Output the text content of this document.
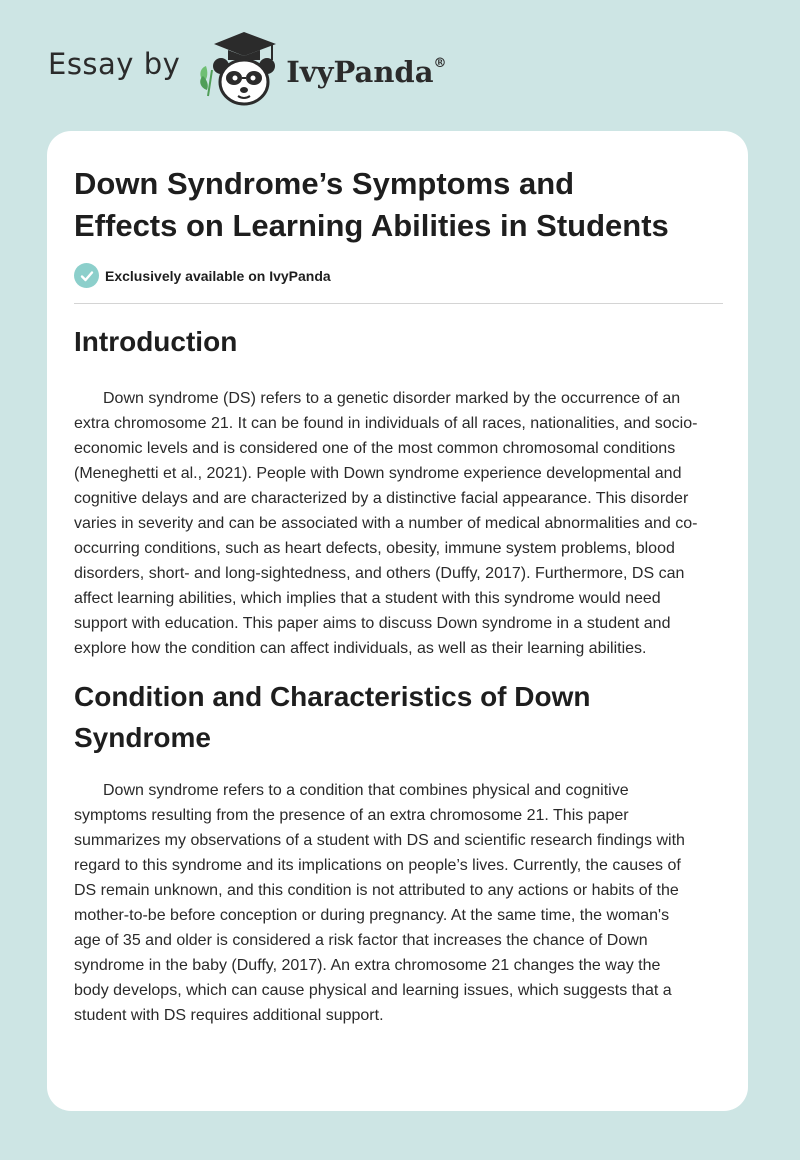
Essay by	IvyPanda®
Down Syndrome’s Symptoms and
Effects on Learning Abilities in Students
Exclusively available on IvyPanda
Introduction

Down syndrome (DS) refers to a genetic disorder marked by the occurrence of an
extra chromosome 21. It can be found in individuals of all races, nationalities, and socio-
economic levels and is considered one of the most common chromosomal conditions
(Meneghetti et al., 2021). People with Down syndrome experience developmental and
cognitive delays and are characterized by a distinctive facial appearance. This disorder
varies in severity and can be associated with a number of medical abnormalities and co-
occurring conditions, such as heart defects, obesity, immune system problems, blood
disorders, short- and long-sightedness, and others (Duffy, 2017). Furthermore, DS can
affect learning abilities, which implies that a student with this syndrome would need
support with education. This paper aims to discuss Down syndrome in a student and
explore how the condition can affect individuals, as well as their learning abilities.

Condition and Characteristics of Down
Syndrome

Down syndrome refers to a condition that combines physical and cognitive
symptoms resulting from the presence of an extra chromosome 21. This paper
summarizes my observations of a student with DS and scientific research findings with
regard to this syndrome and its implications on people’s lives. Currently, the causes of
DS remain unknown, and this condition is not attributed to any actions or habits of the
mother-to-be before conception or during pregnancy. At the same time, the woman's
age of 35 and older is considered a risk factor that increases the chance of Down
syndrome in the baby (Duffy, 2017). An extra chromosome 21 changes the way the
body develops, which can cause physical and learning issues, which suggests that a
student with DS requires additional support.
